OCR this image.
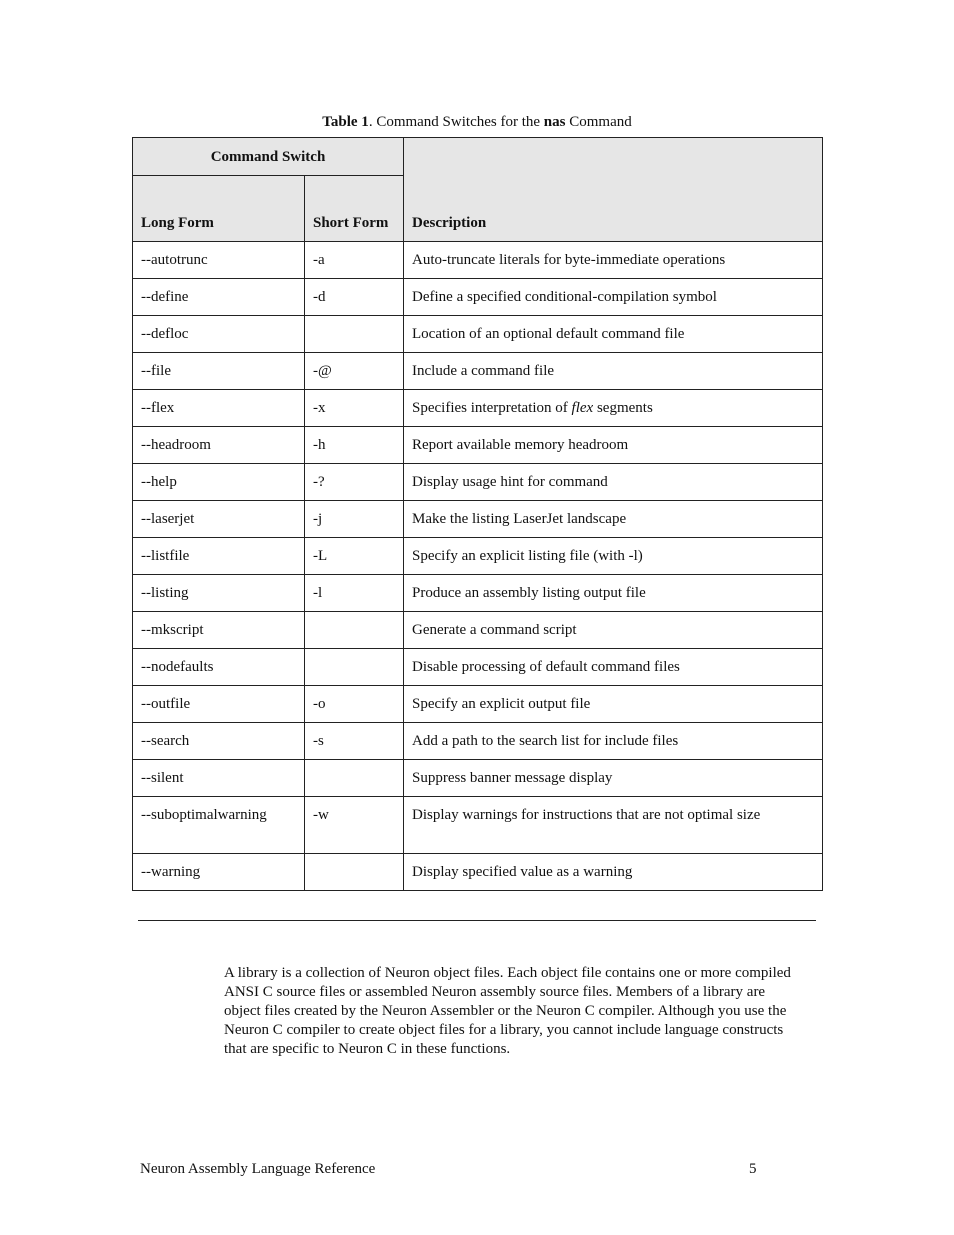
Table 1. Command Switches for the nas Command
Command Switch		Description
Long Form	Short Form	
--autotrunc	-a	Auto-truncate literals for byte-immediate operations
--define	-d	Define a specified conditional-compilation symbol
--defloc		Location of an optional default command file
--file	-@	Include a command file
--flex	-x	Specifies interpretation of flex segments
--headroom	-h	Report available memory headroom
--help	-?	Display usage hint for command
--laserjet	-j	Make the listing LaserJet landscape
--listfile	-L	Specify an explicit listing file (with -l)
--listing	-l	Produce an assembly listing output file
--mkscript		Generate a command script
--nodefaults		Disable processing of default command files
--outfile	-o	Specify an explicit output file
--search	-s	Add a path to the search list for include files
--silent		Suppress banner message display
--suboptimalwarning	-w	Display warnings for instructions that are not optimal size
--warning		Display specified value as a warning

A library is a collection of Neuron object files. Each object file contains one or more compiled ANSI C source files or assembled Neuron assembly source files. Members of a library are object files created by the Neuron Assembler or the Neuron C compiler. Although you use the Neuron C compiler to create object files for a library, you cannot include language constructs that are specific to Neuron C in these functions.

Neuron Assembly Language Reference	5
